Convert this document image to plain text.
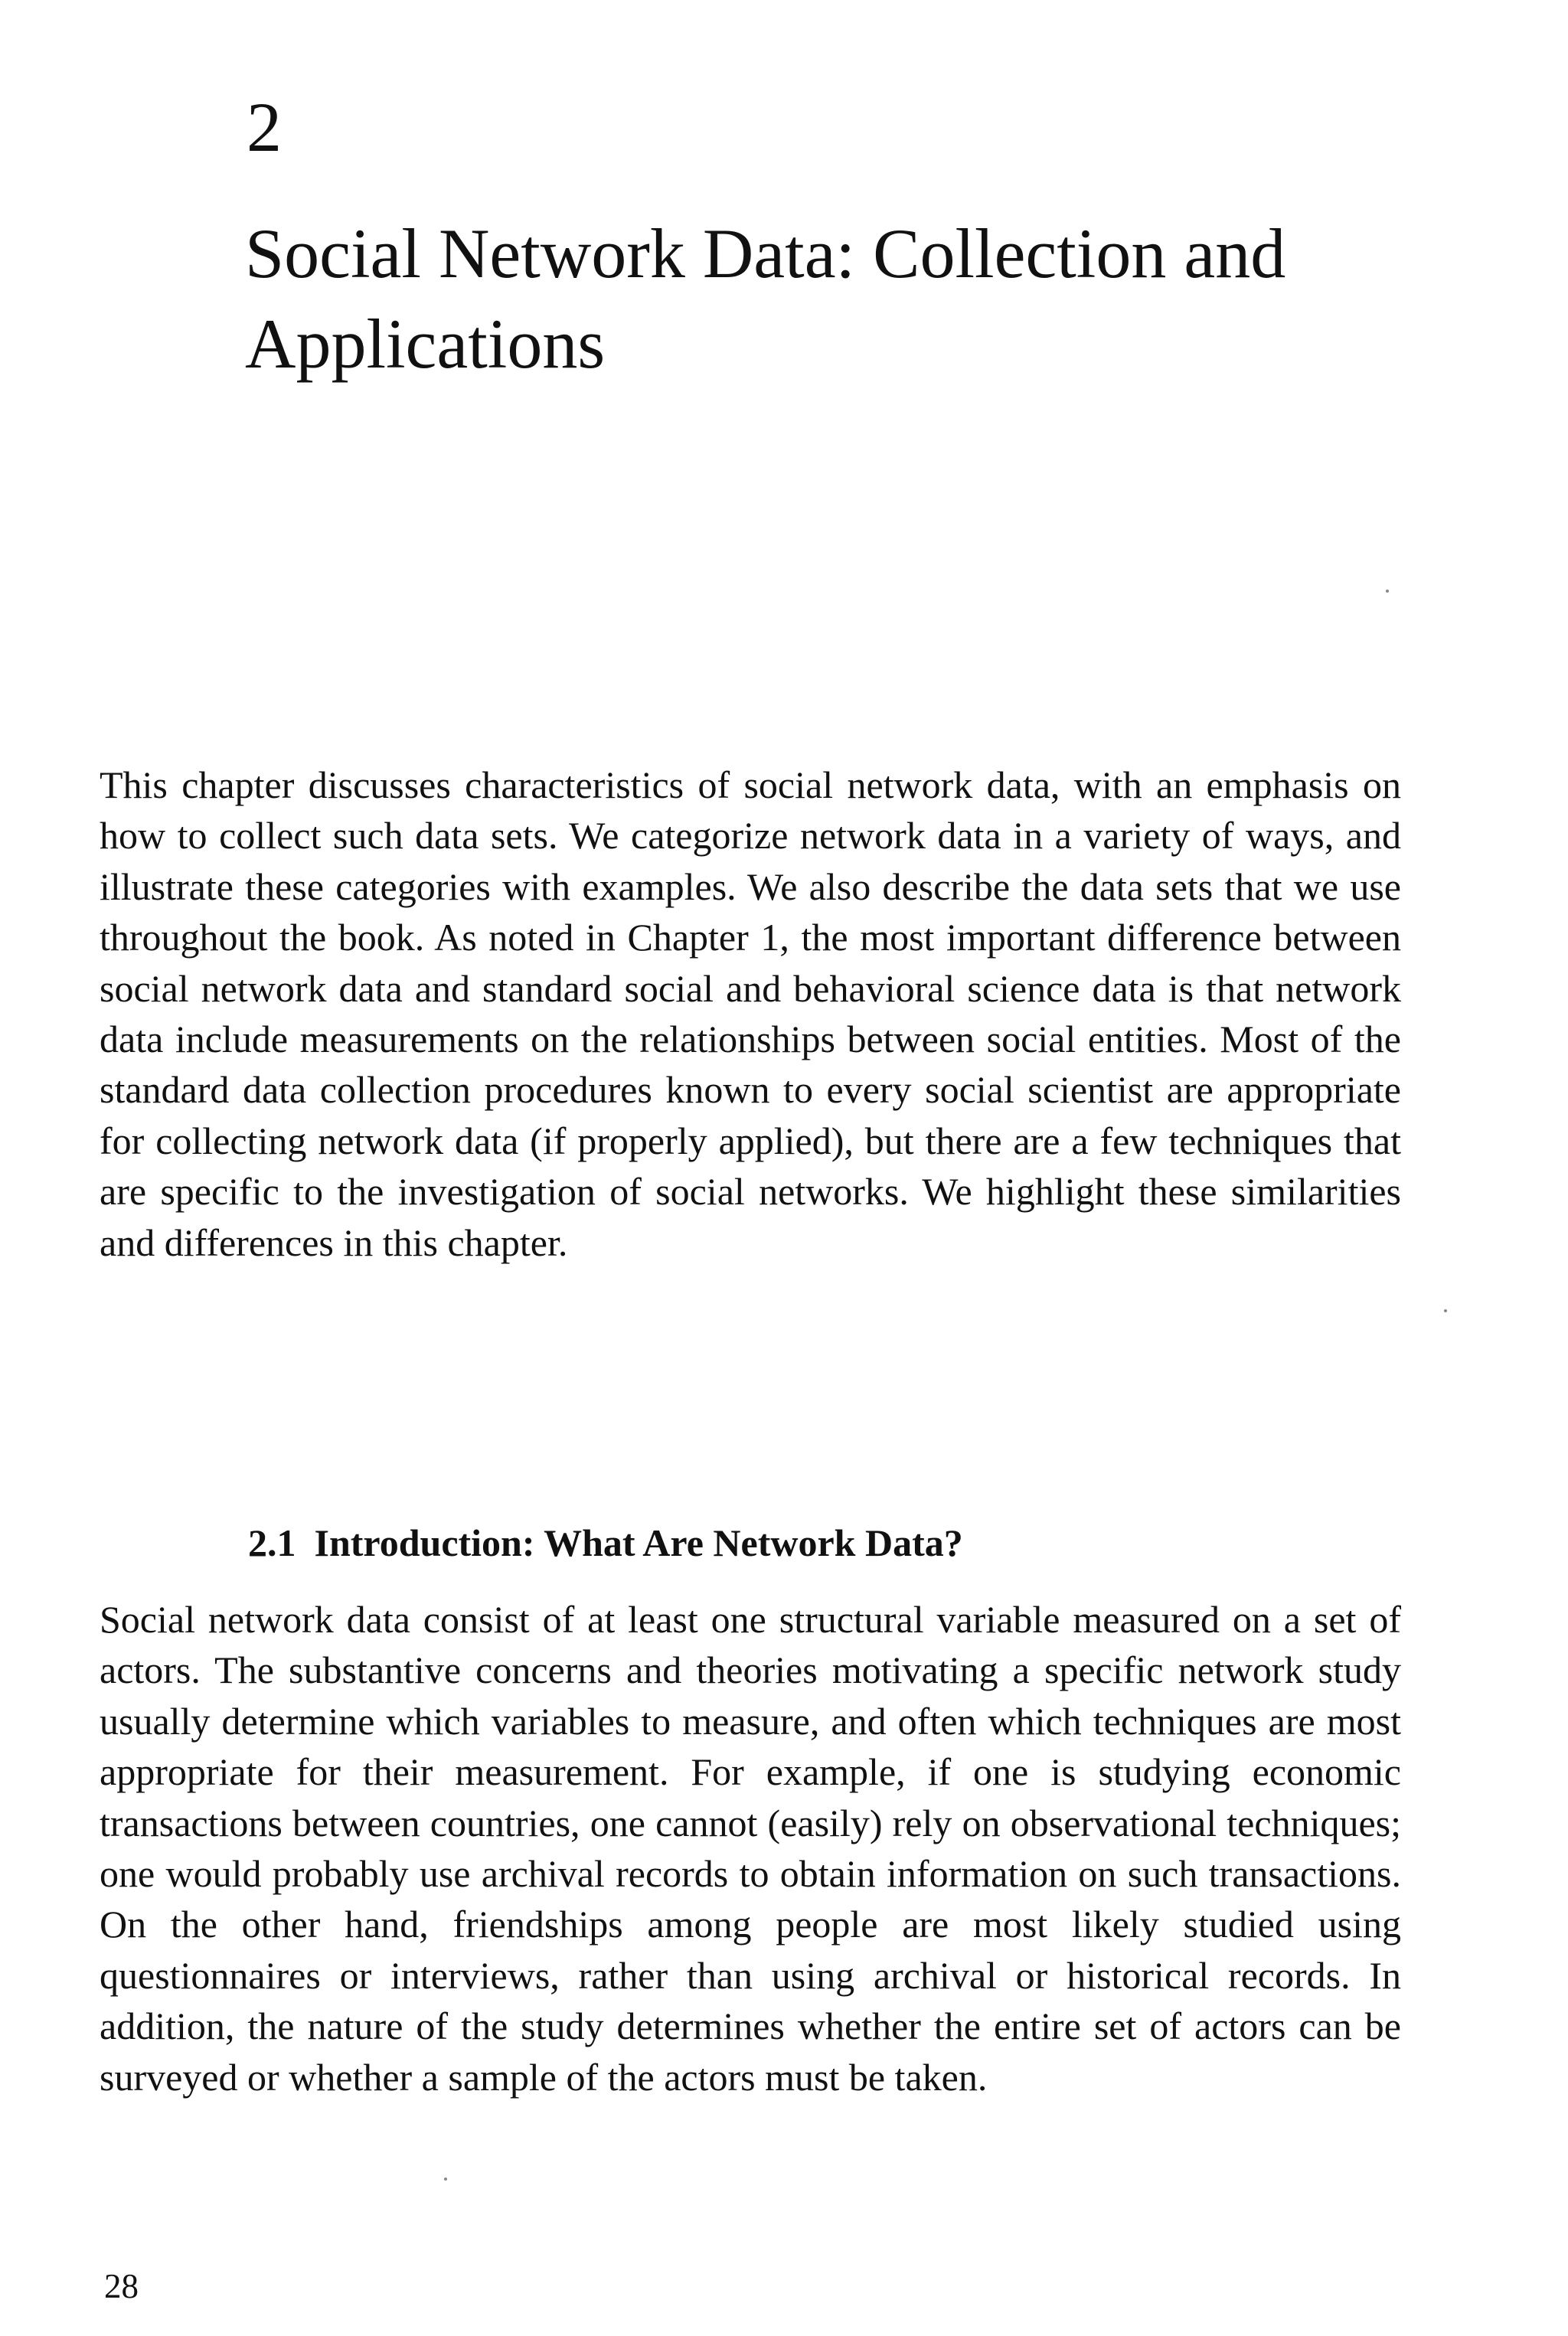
2
Social Network Data: Collection and Applications

This chapter discusses characteristics of social network data, with an emphasis on how to collect such data sets. We categorize network data in a variety of ways, and illustrate these categories with examples. We also describe the data sets that we use throughout the book. As noted in Chapter 1, the most important difference between social network data and standard social and behavioral science data is that network data include measurements on the relationships between social entities. Most of the standard data collection procedures known to every social scientist are appropriate for collecting network data (if properly applied), but there are a few techniques that are specific to the investigation of social networks. We highlight these similarities and differences in this chapter.

2.1 Introduction: What Are Network Data?

Social network data consist of at least one structural variable measured on a set of actors. The substantive concerns and theories motivating a specific network study usually determine which variables to measure, and often which techniques are most appropriate for their measurement. For example, if one is studying economic transactions between countries, one cannot (easily) rely on observational techniques; one would probably use archival records to obtain information on such transactions. On the other hand, friendships among people are most likely studied using questionnaires or interviews, rather than using archival or historical records. In addition, the nature of the study determines whether the entire set of actors can be surveyed or whether a sample of the actors must be taken.

28
